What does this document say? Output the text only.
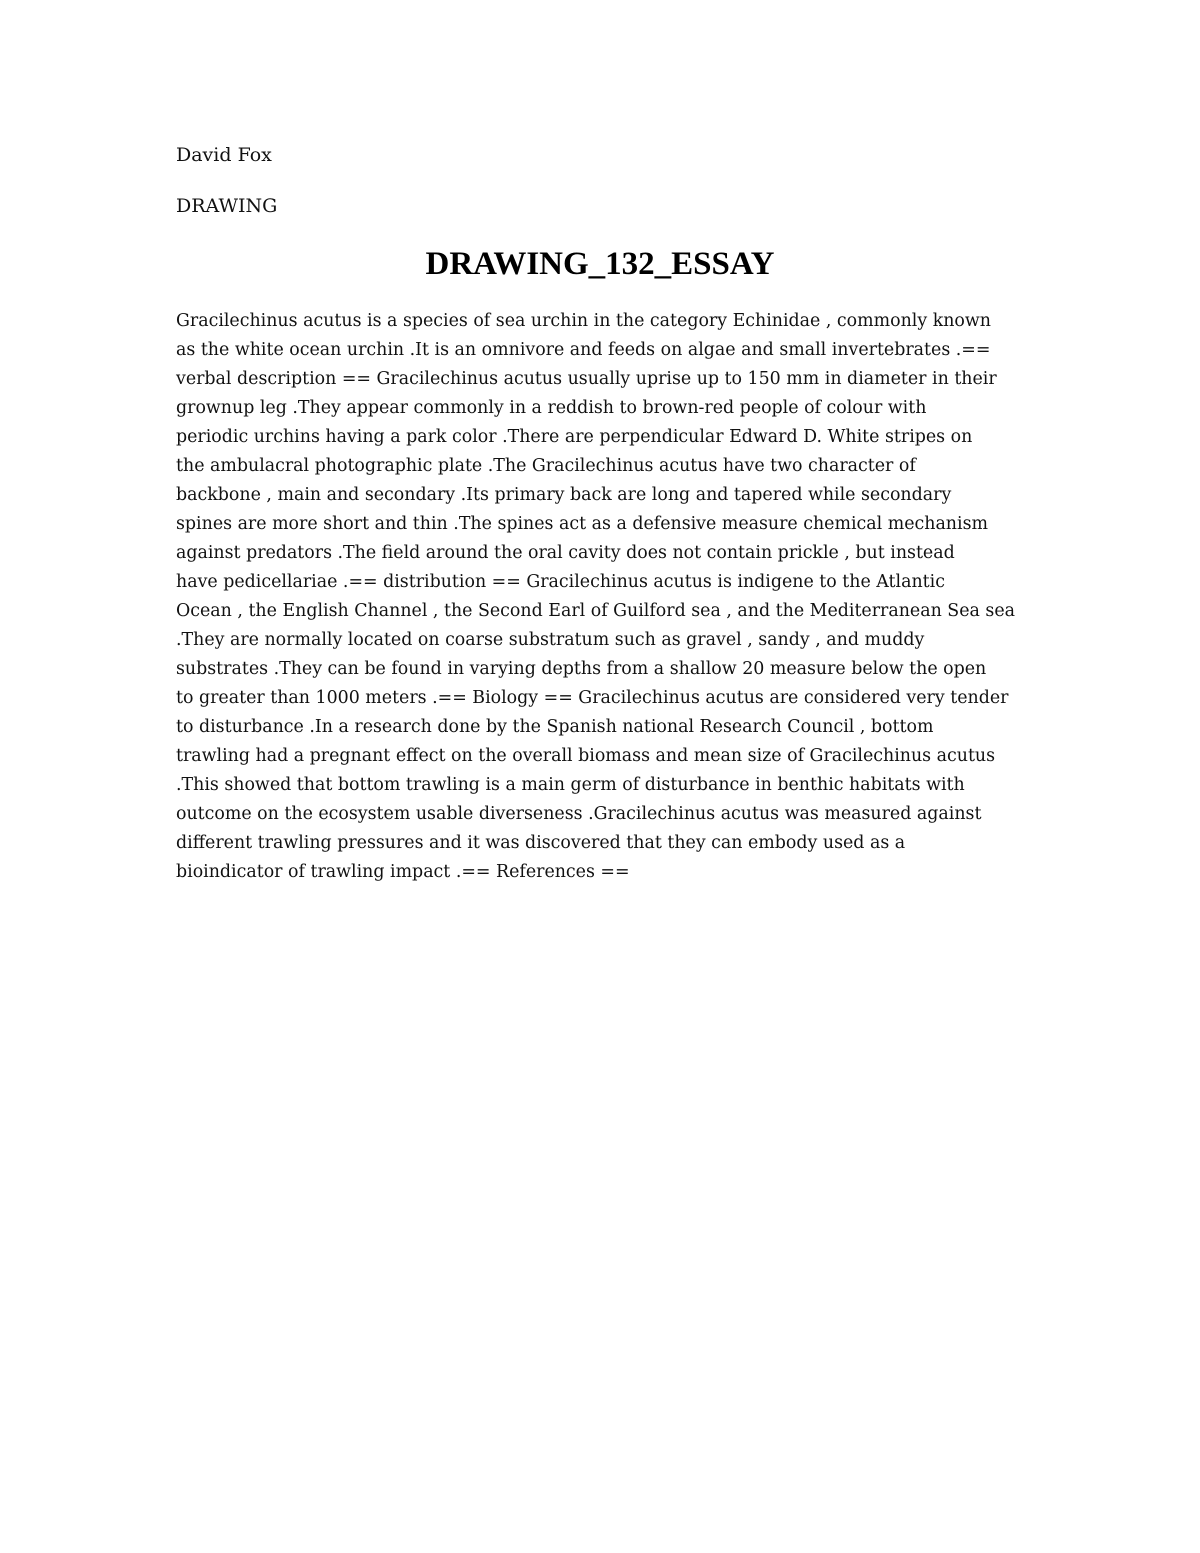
David Fox

DRAWING

DRAWING_132_ESSAY
Gracilechinus acutus is a species of sea urchin in the category Echinidae , commonly known
as the white ocean urchin .It is an omnivore and feeds on algae and small invertebrates .==
verbal description == Gracilechinus acutus usually uprise up to 150 mm in diameter in their
grownup leg .They appear commonly in a reddish to brown-red people of colour with
periodic urchins having a park color .There are perpendicular Edward D. White stripes on
the ambulacral photographic plate .The Gracilechinus acutus have two character of
backbone , main and secondary .Its primary back are long and tapered while secondary
spines are more short and thin .The spines act as a defensive measure chemical mechanism
against predators .The field around the oral cavity does not contain prickle , but instead
have pedicellariae .== distribution == Gracilechinus acutus is indigene to the Atlantic
Ocean , the English Channel , the Second Earl of Guilford sea , and the Mediterranean Sea sea
.They are normally located on coarse substratum such as gravel , sandy , and muddy
substrates .They can be found in varying depths from a shallow 20 measure below the open
to greater than 1000 meters .== Biology == Gracilechinus acutus are considered very tender
to disturbance .In a research done by the Spanish national Research Council , bottom
trawling had a pregnant effect on the overall biomass and mean size of Gracilechinus acutus
.This showed that bottom trawling is a main germ of disturbance in benthic habitats with
outcome on the ecosystem usable diverseness .Gracilechinus acutus was measured against
different trawling pressures and it was discovered that they can embody used as a
bioindicator of trawling impact .== References ==
